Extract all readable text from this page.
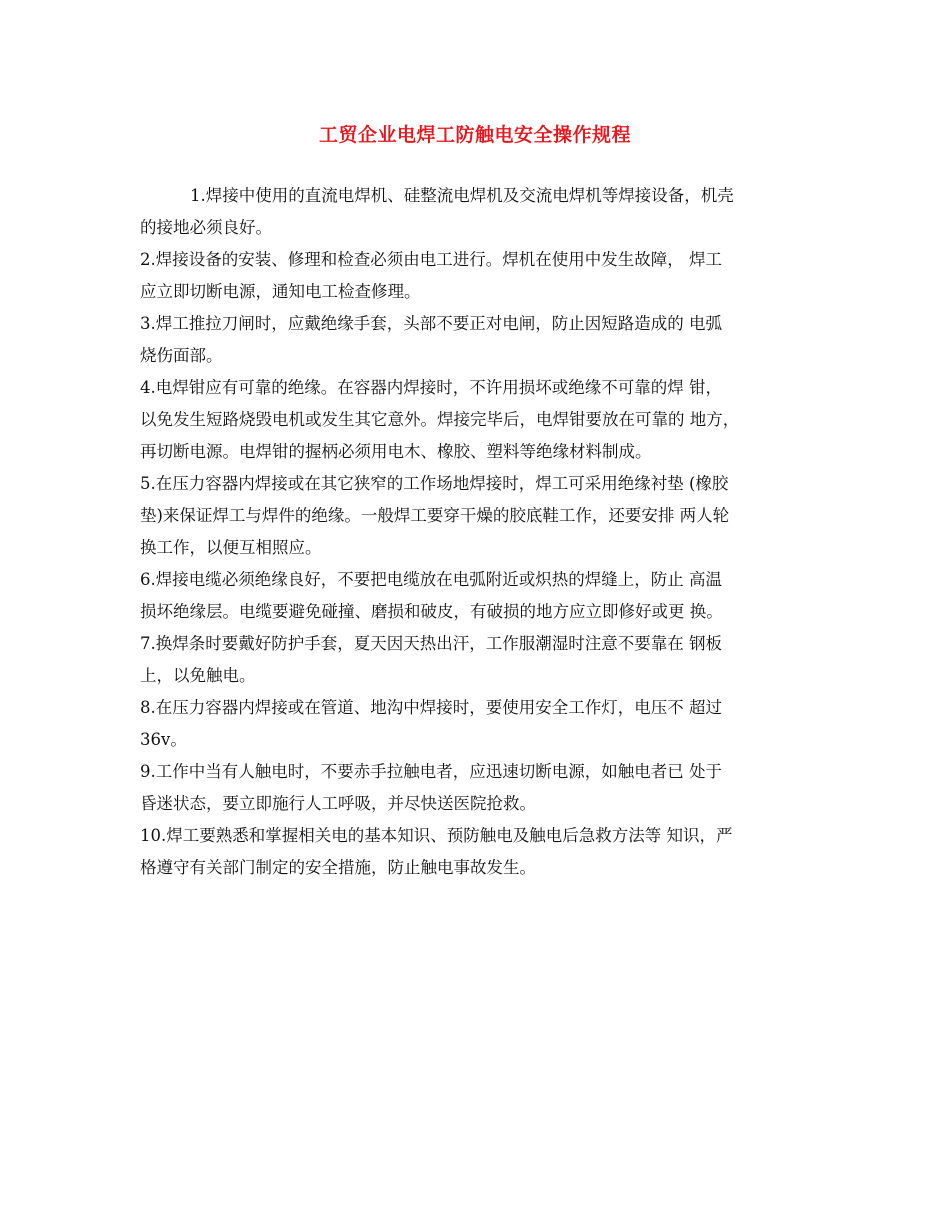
工贸企业电焊工防触电安全操作规程
1.焊接中使用的直流电焊机、硅整流电焊机及交流电焊机等焊接设备，机壳
的接地必须良好。
2.焊接设备的安装、修理和检查必须由电工进行。焊机在使用中发生故障， 焊工
应立即切断电源，通知电工检查修理。
3.焊工推拉刀闸时，应戴绝缘手套，头部不要正对电闸，防止因短路造成的 电弧
烧伤面部。
4.电焊钳应有可靠的绝缘。在容器内焊接时，不许用损坏或绝缘不可靠的焊 钳，
以免发生短路烧毁电机或发生其它意外。焊接完毕后，电焊钳要放在可靠的 地方，
再切断电源。电焊钳的握柄必须用电木、橡胶、塑料等绝缘材料制成。
5.在压力容器内焊接或在其它狭窄的工作场地焊接时，焊工可采用绝缘衬垫 (橡胶
垫)来保证焊工与焊件的绝缘。一般焊工要穿干燥的胶底鞋工作，还要安排 两人轮
换工作，以便互相照应。
6.焊接电缆必须绝缘良好，不要把电缆放在电弧附近或炽热的焊缝上，防止 高温
损坏绝缘层。电缆要避免碰撞、磨损和破皮，有破损的地方应立即修好或更 换。
7.换焊条时要戴好防护手套，夏天因天热出汗，工作服潮湿时注意不要靠在 钢板
上，以免触电。
8.在压力容器内焊接或在管道、地沟中焊接时，要使用安全工作灯，电压不 超过
36v。
9.工作中当有人触电时，不要赤手拉触电者，应迅速切断电源，如触电者已 处于
昏迷状态，要立即施行人工呼吸，并尽快送医院抢救。
10.焊工要熟悉和掌握相关电的基本知识、预防触电及触电后急救方法等 知识，严
格遵守有关部门制定的安全措施，防止触电事故发生。
